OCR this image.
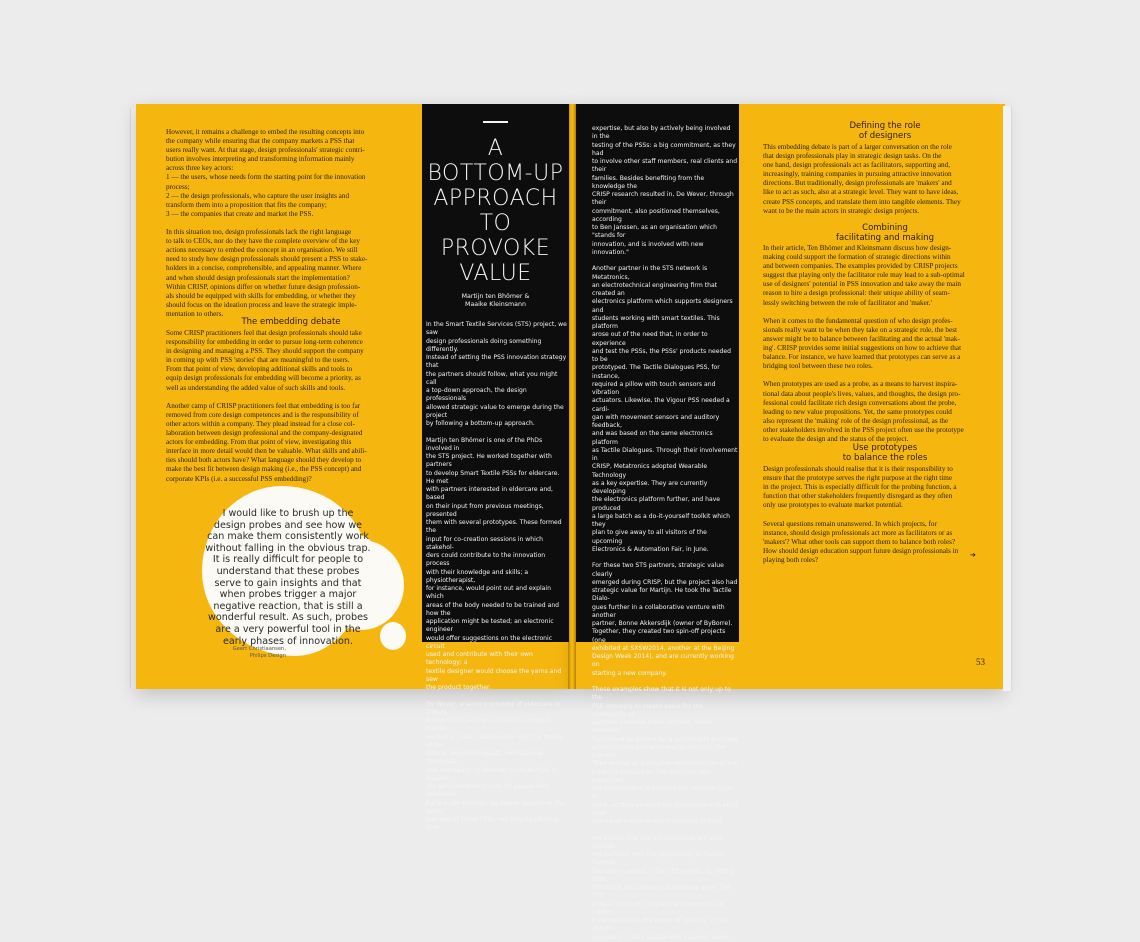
However, it remains a challenge to embed the resulting concepts into
the company while ensuring that the company markets a PSS that
users really want. At that stage, design professionals' strategic contri-
bution involves interpreting and transforming information mainly
across three key actors:
1 — the users, whose needs form the starting point for the innovation
process;
2 — the design professionals, who capture the user insights and
transform them into a proposition that fits the company;
3 — the companies that create and market the PSS.

In this situation too, design professionals lack the right language
to talk to CEOs, nor do they have the complete overview of the key
actions necessary to embed the concept in an organisation. We still
need to study how design professionals should present a PSS to stake-
holders in a concise, comprehensible, and appealing manner. Where
and when should design professionals start the implementation?
Within CRISP, opinions differ on whether future design profession-
als should be equipped with skills for embedding, or whether they
should focus on the ideation process and leave the strategic imple-
mentation to others.
The embedding debate
Some CRISP practitioners feel that design professionals should take
responsibility for embedding in order to pursue long-term coherence
in designing and managing a PSS. They should support the company
in coming up with PSS 'stories' that are meaningful to the users.
From that point of view, developing additional skills and tools to
equip design professionals for embedding will become a priority, as
well as understanding the added value of such skills and tools.

Another camp of CRISP practitioners feel that embedding is too far
removed from core design competences and is the responsibility of
other actors within a company. They plead instead for a close col-
laboration between design professional and the company-designated
actors for embedding. From that point of view, investigating this
interface in more detail would then be valuable. What skills and abili-
ties should both actors have? What language should they develop to
make the best fit between design making (i.e., the PSS concept) and
corporate KPIs (i.e. a successful PSS embedding)?
I would like to brush up the
design probes and see how we
can make them consistently work
without falling in the obvious trap.
It is really difficult for people to
understand that these probes
serve to gain insights and that
when probes trigger a major
negative reaction, that is still a
wonderful result. As such, probes
are a very powerful tool in the
early phases of innovation.
Geert Christiaansen,
Philips Design
A
BOTTOM-UP
APPROACH
TO PROVOKE
VALUE
Martijn ten Bhömer &
Maaike Kleinsmann
In the Smart Textile Services (STS) project, we saw
design professionals doing something differently.
Instead of setting the PSS innovation strategy that
the partners should follow, what you might call
a top-down approach, the design professionals
allowed strategic value to emerge during the project
by following a bottom-up approach.

Martijn ten Bhömer is one of the PhDs involved in
the STS project. He worked together with partners
to develop Smart Textile PSSs for eldercare. He met
with partners interested in eldercare and, based
on their input from previous meetings, presented
them with several prototypes. These formed the
input for co-creation sessions in which stakehol-
ders could contribute to the innovation process
with their knowledge and skills; a physiotherapist,
for instance, would point out and explain which
areas of the body needed to be trained and how the
application might be tested; an electronic engineer
would offer suggestions on the electronic circuit
used and contribute with their own technology; a
textile designer would choose the yarns and sew
the product together.

De Wever, a service provider of eldercare in Tilburg,
is one of the partners in Martijn's project. Martijn
worked in close collaboration with the family of the
elderly, physiotherapists, motivational therapists,
and managers, to develop multiple PSSs to support
the services around care for people with dementia.
Early in the process, De Wever supported the deve-
lopment of these PSSs, not only by offering their
expertise, but also by actively being involved in the
testing of the PSSs: a big commitment, as they had
to involve other staff members, real clients and their
families. Besides benefiting from the knowledge the
CRISP research resulted in, De Wever, through their
commitment, also positioned themselves, according
to Ben Janssen, as an organisation which "stands for
innovation, and is involved with new innovation."

Another partner in the STS network is Metatronics,
an electrotechnical engineering firm that created an
electronics platform which supports designers and
students working with smart textiles. This platform
arose out of the need that, in order to experience
and test the PSSs, the PSSs' products needed to be
prototyped. The Tactile Dialogues PSS, for instance,
required a pillow with touch sensors and vibration
actuators. Likewise, the Vigour PSS needed a cardi-
gan with movement sensors and auditory feedback,
and was based on the same electronics platform
as Tactile Dialogues. Through their involvement in
CRISP, Metatronics adopted Wearable Technology
as a key expertise. They are currently developing
the electronics platform further, and have produced
a large batch as a do-it-yourself toolkit which they
plan to give away to all visitors of the upcoming
Electronics & Automation Fair, in June.

For these two STS partners, strategic value clearly
emerged during CRISP, but the project also had
strategic value for Martijn. He took the Tactile Dialo-
gues further in a collaborative venture with another
partner, Bonne Akkersdijk (owner of ByBorre).
Together, they created two spin-off projects (one
exhibited at SXSW2014, another at the Beijing
Design Week 2014), and are currently working on
starting a new company.

These examples show that it is not only up to the
PSS concepts to create value for the community of
partners involved in the process. These concepts
functioned as drivers for a sustainable business
infrastructure that emerged throughout the process.
They served as a tangible representation of the
project's status quo. The concepts also supported
the stakeholders in keeping the common goal in
mind, as they enabled the stakeholders to elicit their
individual values at every moment in time.

We expect that this infrastructure will soon provide
the partners with the opportunity to further harvest
the value created in the STS project, by letting their
individual and common businesses grow. The STS
project is one of the great achievements of CRISP:
it demonstrates the power of 'making' in the design
process to create sustainable business value.
Defining the role
of designers
This embedding debate is part of a larger conversation on the role
that design professionals play in strategic design tasks. On the
one hand, design professionals act as facilitators, supporting and,
increasingly, training companies in pursuing attractive innovation
directions. But traditionally, design professionals are 'makers' and
like to act as such, also at a strategic level. They want to have ideas,
create PSS concepts, and translate them into tangible elements. They
want to be the main actors in strategic design projects.
Combining
facilitating and making
In their article, Ten Bhömer and Kleinsmann discuss how design-
making could support the formation of strategic directions within
and between companies. The examples provided by CRISP projects
suggest that playing only the facilitator role may lead to a sub-optimal
use of designers' potential in PSS innovation and take away the main
reason to hire a design professional: their unique ability of seam-
lessly switching between the role of facilitator and 'maker.'

When it comes to the fundamental question of who design profes-
sionals really want to be when they take on a strategic role, the best
answer might be to balance between facilitating and the actual 'mak-
ing'. CRISP provides some initial suggestions on how to achieve that
balance. For instance, we have learned that prototypes can serve as a
bridging tool between these two roles.

When prototypes are used as a probe, as a means to harvest inspira-
tional data about people's lives, values, and thoughts, the design pro-
fessional could facilitate rich design conversations about the probe,
leading to new value propositions. Yet, the same prototypes could
also represent the 'making' role of the design professional, as the
other stakeholders involved in the PSS project often use the prototype
to evaluate the design and the status of the project.
Use prototypes
to balance the roles
Design professionals should realise that it is their responsibility to
ensure that the prototype serves the right purpose at the right time
in the project. This is especially difficult for the probing function, a
function that other stakeholders frequently disregard as they often
only use prototypes to evaluate market potential.

Several questions remain unanswered. In which projects, for
instance, should design professionals act more as facilitators or as
'makers'? What other tools can support them to balance both roles?
How should design education support future design professionals in
playing both roles?
➔
53
